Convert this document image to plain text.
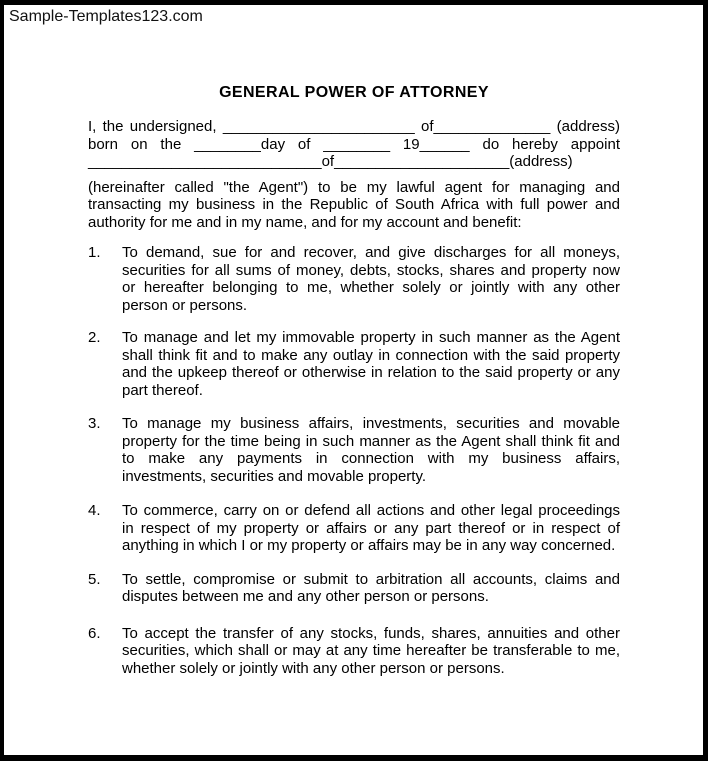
Sample-Templates123.com
GENERAL POWER OF ATTORNEY
I, the undersigned, _______________________ of______________ (address)
born on the ________day of ________ 19______ do hereby appoint
____________________________of_____________________(address)
(hereinafter called "the Agent") to be my lawful agent for managing and
transacting my business in the Republic of South Africa with full power and
authority for me and in my name, and for my account and benefit:
1.	To demand, sue for and recover, and give discharges for all moneys,
securities for all sums of money, debts, stocks, shares and property now
or hereafter belonging to me, whether solely or jointly with any other
person or persons.
2.	To manage and let my immovable property in such manner as the Agent
shall think fit and to make any outlay in connection with the said property
and the upkeep thereof or otherwise in relation to the said property or any
part thereof.
3.	To manage my business affairs, investments, securities and movable
property for the time being in such manner as the Agent shall think fit and
to make any payments in connection with my business affairs,
investments, securities and movable property.
4.	To commerce, carry on or defend all actions and other legal proceedings
in respect of my property or affairs or any part thereof or in respect of
anything in which I or my property or affairs may be in any way concerned.
5.	To settle, compromise or submit to arbitration all accounts, claims and
disputes between me and any other person or persons.
6.	To accept the transfer of any stocks, funds, shares, annuities and other
securities, which shall or may at any time hereafter be transferable to me,
whether solely or jointly with any other person or persons.
